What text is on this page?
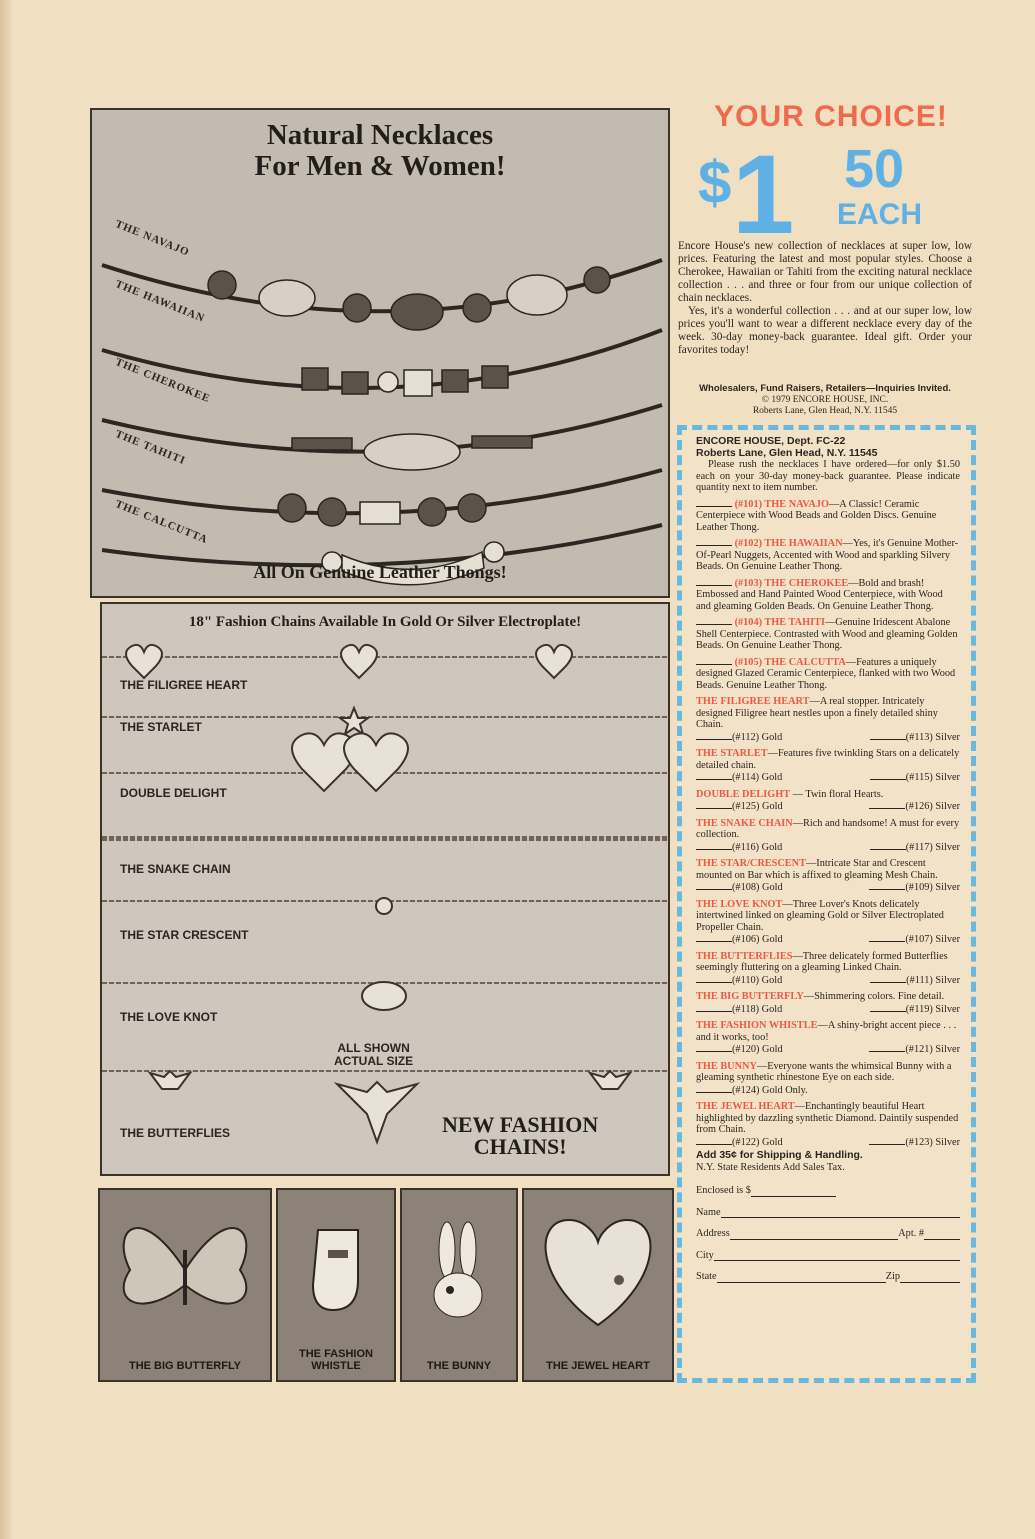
Natural Necklaces
For Men & Women!
THE NAVAJO
THE HAWAIIAN
THE CHEROKEE
THE TAHITI
THE CALCUTTA
All On Genuine Leather Thongs!
18" Fashion Chains Available In Gold Or Silver Electroplate!
THE FILIGREE HEART
THE STARLET
DOUBLE DELIGHT
THE SNAKE CHAIN
THE STAR CRESCENT
THE LOVE KNOT
THE BUTTERFLIES
ALL SHOWN
ACTUAL SIZE
NEW FASHION
CHAINS!
THE BIG BUTTERFLY
THE FASHION WHISTLE	THE BUNNY	THE JEWEL HEART
YOUR CHOICE!
$ 1 50
EACH

Encore House's new collection of necklaces at super low, low prices. Featuring the latest and most popular styles. Choose a Cherokee, Hawaiian or Tahiti from the exciting natural necklace collection . . . and three or four from our unique collection of chain necklaces.

Yes, it's a wonderful collection . . . and at our super low, low prices you'll want to wear a different necklace every day of the week. 30-day money-back guarantee. Ideal gift. Order your favorites today!

Wholesalers, Fund Raisers, Retailers—Inquiries Invited.
© 1979 ENCORE HOUSE, INC.
Roberts Lane, Glen Head, N.Y. 11545
ENCORE HOUSE, Dept. FC-22
Roberts Lane, Glen Head, N.Y. 11545
Please rush the necklaces I have ordered—for only $1.50 each on your 30-day money-back guarantee. Please indicate quantity next to item number.
(#101) THE NAVAJO—A Classic! Ceramic Centerpiece with Wood Beads and Golden Discs. Genuine Leather Thong.
(#102) THE HAWAIIAN—Yes, it's Genuine Mother-Of-Pearl Nuggets, Accented with Wood and sparkling Silvery Beads. On Genuine Leather Thong.
(#103) THE CHEROKEE—Bold and brash! Embossed and Hand Painted Wood Centerpiece, with Wood and gleaming Golden Beads. On Genuine Leather Thong.
(#104) THE TAHITI—Genuine Iridescent Abalone Shell Centerpiece. Contrasted with Wood and gleaming Golden Beads. On Genuine Leather Thong.
(#105) THE CALCUTTA—Features a uniquely designed Glazed Ceramic Centerpiece, flanked with two Wood Beads. Genuine Leather Thong.
THE FILIGREE HEART—A real stopper. Intricately designed Filigree heart nestles upon a finely detailed shiny Chain.
(#112) Gold	(#113) Silver
THE STARLET—Features five twinkling Stars on a delicately detailed chain.
(#114) Gold	(#115) Silver
DOUBLE DELIGHT — Twin floral Hearts.
(#125) Gold	(#126) Silver
THE SNAKE CHAIN—Rich and handsome! A must for every collection.
(#116) Gold	(#117) Silver
THE STAR/CRESCENT—Intricate Star and Crescent mounted on Bar which is affixed to gleaming Mesh Chain.
(#108) Gold	(#109) Silver
THE LOVE KNOT—Three Lover's Knots delicately intertwined linked on gleaming Gold or Silver Electroplated Propeller Chain.
(#106) Gold	(#107) Silver
THE BUTTERFLIES—Three delicately formed Butterflies seemingly fluttering on a gleaming Linked Chain.
(#110) Gold	(#111) Silver
THE BIG BUTTERFLY—Shimmering colors. Fine detail.
(#118) Gold	(#119) Silver
THE FASHION WHISTLE—A shiny-bright accent piece . . . and it works, too!
(#120) Gold	(#121) Silver
THE BUNNY—Everyone wants the whimsical Bunny with a gleaming synthetic rhinestone Eye on each side.
(#124) Gold Only.
THE JEWEL HEART—Enchantingly beautiful Heart highlighted by dazzling synthetic Diamond. Daintily suspended from Chain.
(#122) Gold	(#123) Silver
Add 35¢ for Shipping & Handling.
N.Y. State Residents Add Sales Tax.
Enclosed is $
Name
Address	Apt. #
City
State	Zip
